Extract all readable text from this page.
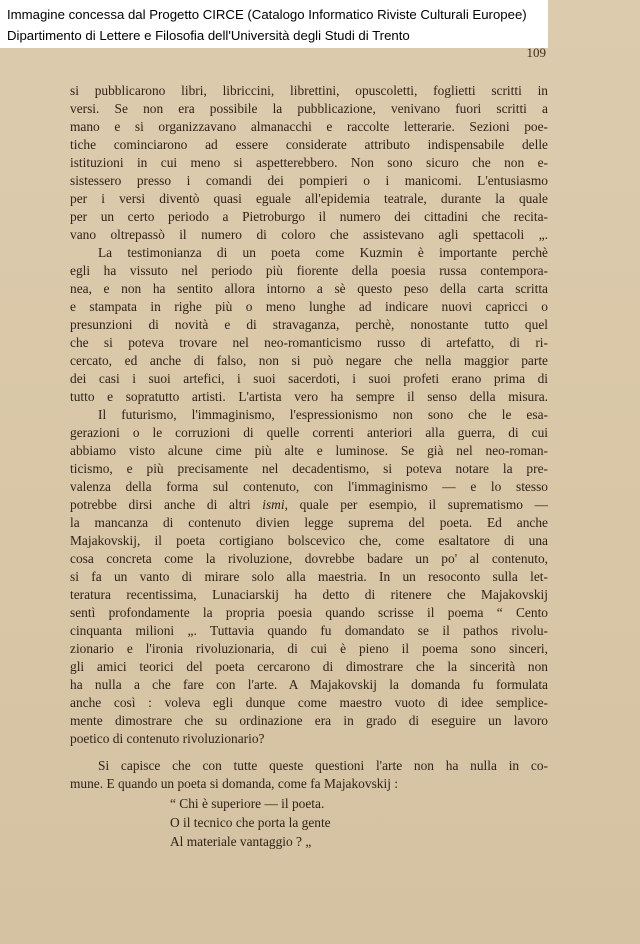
Immagine concessa dal Progetto CIRCE (Catalogo Informatico Riviste Culturali Europee)
Dipartimento di Lettere e Filosofia dell'Università degli Studi di Trento
109

si pubblicarono libri, libriccini, librettini, opuscoletti, foglietti scritti in

versi. Se non era possibile la pubblicazione, venivano fuori scritti a

mano e si organizzavano almanacchi e raccolte letterarie. Sezioni poe-

tiche cominciarono ad essere considerate attributo indispensabile delle

istituzioni in cui meno si aspetterebbero. Non sono sicuro che non e-

sistessero presso i comandi dei pompieri o i manicomi. L'entusiasmo

per i versi diventò quasi eguale all'epidemia teatrale, durante la quale

per un certo periodo a Pietroburgo il numero dei cittadini che recita-

vano oltrepassò il numero di coloro che assistevano agli spettacoli „.

La testimonianza di un poeta come Kuzmin è importante perchè

egli ha vissuto nel periodo più fiorente della poesia russa contempora-

nea, e non ha sentito allora intorno a sè questo peso della carta scritta

e stampata in righe più o meno lunghe ad indicare nuovi capricci o

presunzioni di novità e di stravaganza, perchè, nonostante tutto quel

che si poteva trovare nel neo-romanticismo russo di artefatto, di ri-

cercato, ed anche di falso, non si può negare che nella maggior parte

dei casi i suoi artefici, i suoi sacerdoti, i suoi profeti erano prima di

tutto e sopratutto artisti. L'artista vero ha sempre il senso della misura.

Il futurismo, l'immaginismo, l'espressionismo non sono che le esa-

gerazioni o le corruzioni di quelle correnti anteriori alla guerra, di cui

abbiamo visto alcune cime più alte e luminose. Se già nel neo-roman-

ticismo, e più precisamente nel decadentismo, si poteva notare la pre-

valenza della forma sul contenuto, con l'immaginismo — e lo stesso

potrebbe dirsi anche di altri ismi, quale per esempio, il suprematismo —

la mancanza di contenuto divien legge suprema del poeta. Ed anche

Majakovskij, il poeta cortigiano bolscevico che, come esaltatore di una

cosa concreta come la rivoluzione, dovrebbe badare un po' al contenuto,

si fa un vanto di mirare solo alla maestria. In un resoconto sulla let-

teratura recentissima, Lunaciarskij ha detto di ritenere che Majakovskij

sentì profondamente la propria poesia quando scrisse il poema “ Cento

cinquanta milioni „. Tuttavia quando fu domandato se il pathos rivolu-

zionario e l'ironia rivoluzionaria, di cui è pieno il poema sono sinceri,

gli amici teorici del poeta cercarono di dimostrare che la sincerità non

ha nulla a che fare con l'arte. A Majakovskij la domanda fu formulata

anche così : voleva egli dunque come maestro vuoto di idee semplice-

mente dimostrare che su ordinazione era in grado di eseguire un lavoro

poetico di contenuto rivoluzionario?

Si capisce che con tutte queste questioni l'arte non ha nulla in co-

mune. E quando un poeta si domanda, come fa Majakovskij :

“ Chi è superiore — il poeta.
O il tecnico che porta la gente
Al materiale vantaggio ? „
